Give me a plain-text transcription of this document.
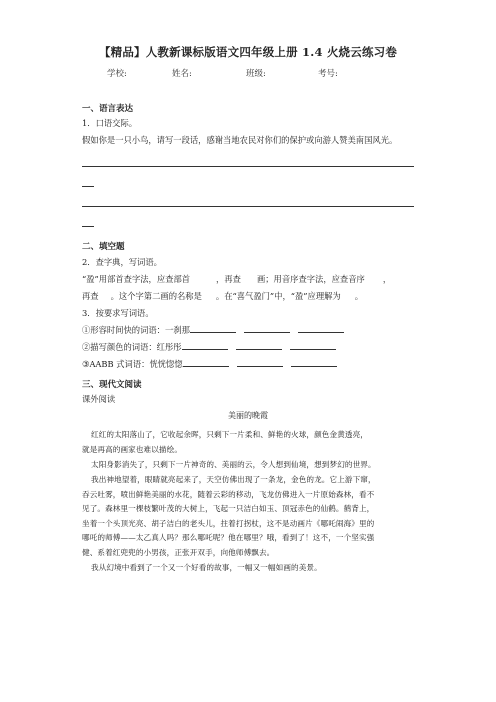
【精品】人教新课标版语文四年级上册 1.4 火烧云练习卷
学校:	姓名:	班级:	考号:
一、语言表达
1．口语交际。
假如你是一只小鸟，请写一段话，感谢当地农民对你们的保护或向游人赞美南国风光。
二、填空题
2．查字典，写词语。
“盈”用部首查字法，应查部首	，再查 画；用音序查字法，应查音序 ，
再查 。这个字第二画的名称是 。在“喜气盈门”中，“盈”应理解为 。
3．按要求写词语。
①形容时间快的词语：一刹那
②描写颜色的词语：红彤彤
③AABB 式词语：恍恍惚惚
三、现代文阅读
课外阅读
美丽的晚霞
红红的太阳落山了，它收起余晖，只剩下一片柔和、鲜艳的火球，颜色金黄透亮，
就是再高的画家也难以描绘。
太阳身影消失了，只剩下一片神奇的、美丽的云，令人想到仙境，想到梦幻的世界。
我出神地望着，眼睛就亮起来了，天空仿佛出现了一条龙，金色的龙。它上游下窜，
吞云吐雾，喷出鲜艳美丽的水花，随着云彩的移动，飞龙仿佛进入一片原始森林，看不
见了。森林里一棵枝繁叶茂的大树上，飞起一只洁白如玉、顶冠赤色的仙鹤。鹤背上，
坐着一个头顶光亮、胡子洁白的老头儿，拄着打拐杖，这不是动画片《哪吒闹海》里的
哪吒的师傅——太乙真人吗？那么哪吒呢？他在哪里？哦，看到了！这不，一个坚实强
健、系着红兜兜的小男孩，正张开双手，向他师傅飘去。
我从幻境中看到了一个又一个好看的故事，一幅又一幅如画的美景。
